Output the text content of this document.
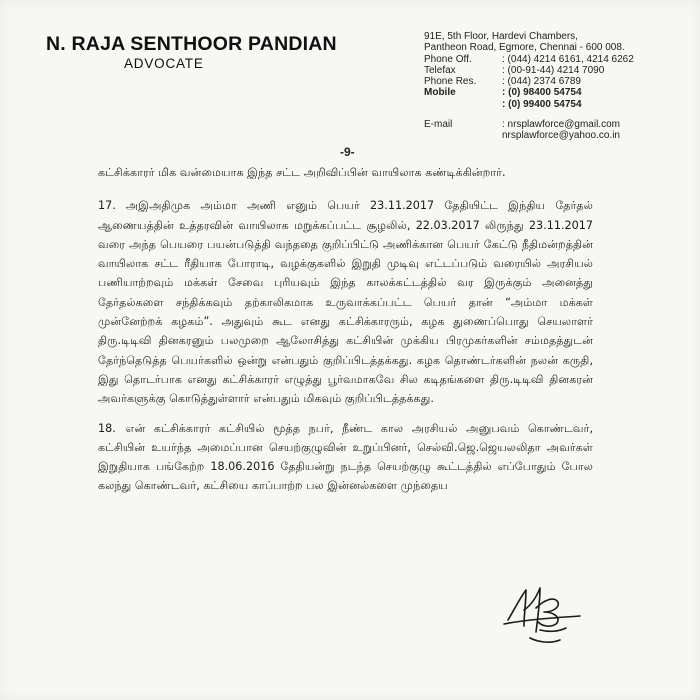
N. RAJA SENTHOOR PANDIAN
ADVOCATE
91E, 5th Floor, Hardevi Chambers,
Pantheon Road, Egmore, Chennai - 600 008.
Phone Off.	: (044) 4214 6161, 4214 6262
Telefax	: (00-91-44) 4214 7090
Phone Res.	: (044) 2374 6789
Mobile	: (0) 98400 54754
: (0) 99400 54754
E-mail	: nrsplawforce@gmail.com
nrsplawforce@yahoo.co.in
-9-

கட்சிக்காரர் மிக வன்மையாக இந்த சட்ட அறிவிப்பின் வாயிலாக கண்டிக்கின்றார்.

17. அஇஅதிமுக அம்மா அணி எனும் பெயர் 23.11.2017 தேதியிட்ட இந்திய தேர்தல் ஆணையத்தின் உத்தரவின் வாயிலாக மறுக்கப்பட்ட சூழலில், 22.03.2017 லிருந்து 23.11.2017 வரை அந்த பெயரை பயன்படுத்தி வந்ததை குறிப்பிட்டு அணிக்கான பெயர் கேட்டு நீதிமன்றத்தின் வாயிலாக சட்ட ரீதியாக போராடி, வழக்குகளில் இறுதி முடிவு எட்டப்படும் வரையில் அரசியல் பணியாற்றவும் மக்கள் சேவை புரியவும் இந்த காலக்கட்டத்தில் வர இருக்கும் அனைத்து தேர்தல்களை சந்திக்கவும் தற்காலிகமாக உருவாக்கப்பட்ட பெயர் தான் “அம்மா மக்கள் முன்னேற்றக் கழகம்”. அதுவும் கூட எனது கட்சிக்காரரும், கழக துணைப்பொது செயலாளர் திரு.டிடிவி தினகரனும் பலமுறை ஆலோசித்து கட்சியின் முக்கிய பிரமுகர்களின் சம்மதத்துடன் தேர்ந்தெடுத்த பெயர்களில் ஒன்று என்பதும் குறிப்பிடத்தக்கது. கழக தொண்டர்களின் நலன் கருதி, இது தொடர்பாக எனது கட்சிக்காரர் எழுத்து பூர்வமாகவே சில கடிதங்களை திரு.டிடிவி தினகரன் அவர்களுக்கு கொடுத்துள்ளார் என்பதும் மிகவும் குறிப்பிடத்தக்கது.

18. என் கட்சிக்காரர் கட்சியில் மூத்த நபர், நீண்ட கால அரசியல் அனுபவம் கொண்டவர், கட்சியின் உயர்ந்த அமைப்பான செயற்குழுவின் உறுப்பினர், செல்வி.ஜெ.ஜெயலலிதா அவர்கள் இறுதியாக பங்கேற்ற 18.06.2016 தேதியன்று நடந்த செயற்குழு கூட்டத்தில் எப்போதும் போல கலந்து கொண்டவர், கட்சியை காப்பாற்ற பல இன்னல்களை முந்தைய
